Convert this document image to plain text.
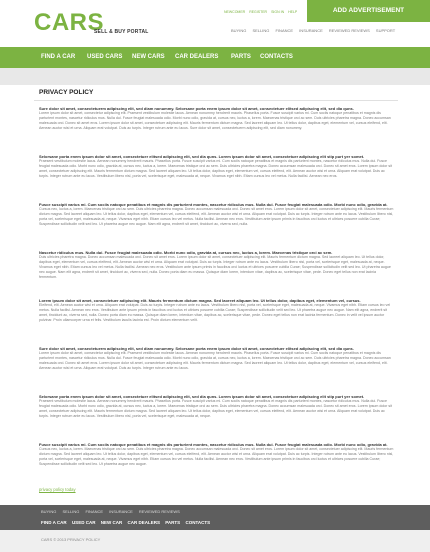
CARS
SELL & BUY PORTAL
NEWCOMER REGISTER SIGN IN HELP	ADD ADVERTISEMENT
BUYING SELLING FINANCE INSURANCE REVIEWED REVIEWS SUPPORT
FIND A CAR USED CARS NEW CARS CAR DEALERS PARTS CONTACTS
PRIVACY POLICY
Sure dolor sit amet, consectetuerm adipiscing elit, sed diam nonummy. Selorsane porta enem ipsum dolor sit amet, consectetuer elitsed adipiscing elit, sed dia quns.
Lorem ipsum dolor sit amet, consectetur adipiscing elit. Praesent vestibulum molestie lacus. Aenean nonummy hendrerit mauris. Phasellus porta. Fusce suscipit varius mi. Cum sociis natoque penatibus et magnis dis parturient montes, nascetur ridiculus mus. Nulla dui. Fusce feugiat malesuada odio. Morbi nunc odio, gravida at, cursus nec, luctus a, lorem. Maecenas tristique orci ac sem. Duis ultricies pharetra magna. Donec accumsan malesuada orci. Donec sit amet eros. Lorem ipsum dolor sit amet, consectetuer adipiscing elit. Mauris fermentum dictum magna. Sed laoreet aliquam leo. Ut tellus dolor, dapibus eget, elementum vel, cursus eleifend, elit. Aenean auctor wisi et urna. Aliquam erat volutpat. Duis ac turpis. Integer rutrum ante eu lacus. Sure dolor sit amet, consectetuerm adipiscing elit, sed diam nonummy.
Selorsane porta enem ipsum dolor sit amet, consectetuer elitsed adipiscing elit, sed dia quns. Lorem ipsum dolor sit amet, consectetuer adipiscing elit stip purt yer somet.
Praesent vestibulum molestie lacus. Aenean nonummy hendrerit mauris. Phasellus porta. Fusce suscipit varius mi. Cum sociis natoque penatibus et magnis dis parturient montes, nascetur ridiculus mus. Nulla dui. Fusce feugiat malesuada odio. Morbi nunc odio, gravida at, cursus nec, luctus a, lorem. Maecenas tristique orci ac sem. Duis ultricies pharetra magna. Donec accumsan malesuada orci. Donec sit amet eros. Lorem ipsum dolor sit amet, consectetuer adipiscing elit. Mauris fermentum dictum magna. Sed laoreet aliquam leo. Ut tellus dolor, dapibus eget, elementum vel, cursus eleifend, elit. Aenean auctor wisi et urna. Aliquam erat volutpat. Duis ac turpis. Integer rutrum ante eu lacus. Vestibulum libero nisl, porta vel, scelerisque eget, malesuada at, neque. Vivamus eget nibh. Etiam cursus leo vel metus. Nulla facilisi. Aenean nec eros.
Fusce suscipit varius mi. Cum sociis natoque penatibus et magnis dis parturient montes, nascetur ridiculus mus. Nulla dui. Fusce feugiat malesuada odio. Morbi nunc odio, gravida at.
Cursus nec, luctus a, lorem. Maecenas tristique orci ac sem. Duis ultricies pharetra magna. Donec accumsan malesuada orci. Donec sit amet eros. Lorem ipsum dolor sit amet, consectetuer adipiscing elit. Mauris fermentum dictum magna. Sed laoreet aliquam leo. Ut tellus dolor, dapibus eget, elementum vel, cursus eleifend, elit. Aenean auctor wisi et urna. Aliquam erat volutpat. Duis ac turpis. Integer rutrum ante eu lacus. Vestibulum libero nisl, porta vel, scelerisque eget, malesuada at, neque. Vivamus eget nibh. Etiam cursus leo vel metus. Nulla facilisi. Aenean nec eros. Vestibulum ante ipsum primis in faucibus orci luctus et ultrices posuere cubilia Curae; Suspendisse sollicitudin velit sed leo. Ut pharetra augue nec augue. Nam elit agna, endrerit sit amet, tincidunt ac, viverra sed, nulla.
Nascetur ridiculus mus. Nulla dui. Fusce feugiat malesuada odio. Morbi nunc odio, gravida at, cursus nec, luctus a, lorem. Maecenas tristique orci ac sem.
Duis ultricies pharetra magna. Donec accumsan malesuada orci. Donec sit amet eros. Lorem ipsum dolor sit amet, consectetuer adipiscing elit. Mauris fermentum dictum magna. Sed laoreet aliquam leo. Ut tellus dolor, dapibus eget, elementum vel, cursus eleifend, elit. Aenean auctor wisi et urna. Aliquam erat volutpat. Duis ac turpis. Integer rutrum ante eu lacus. Vestibulum libero nisl, porta vel, scelerisque eget, malesuada at, neque. Vivamus eget nibh. Etiam cursus leo vel metus. Nulla facilisi. Aenean nec eros. Vestibulum ante ipsum primis in faucibus orci luctus et ultrices posuere cubilia Curae; Suspendisse sollicitudin velit sed leo. Ut pharetra augue nec augue. Nam elit agna, endrerit sit amet, tincidunt ac, viverra sed, nulla. Donec porta diam eu massa. Quisque diam lorem, interdum vitae, dapibus ac, scelerisque vitae, pede. Donec eget tellus non erat lacinia fermentum.
Lorem ipsum dolor sit amet, consectetuer adipiscing elit. Mauris fermentum dictum magna. Sed laoreet aliquam leo. Ut tellus dolor, dapibus eget, elementum vel, cursus.
Eleifend, elit. Aenean auctor wisi et urna. Aliquam erat volutpat. Duis ac turpis. Integer rutrum ante eu lacus. Vestibulum libero nisl, porta vel, scelerisque eget, malesuada at, neque. Vivamus eget nibh. Etiam cursus leo vel metus. Nulla facilisi. Aenean nec eros. Vestibulum ante ipsum primis in faucibus orci luctus et ultrices posuere cubilia Curae; Suspendisse sollicitudin velit sed leo. Ut pharetra augue nec augue. Nam elit agna, endrerit sit amet, tincidunt ac, viverra sed, nulla. Donec porta diam eu massa. Quisque diam lorem, interdum vitae, dapibus ac, scelerisque vitae, pede. Donec eget tellus non erat lacinia fermentum. Donec in velit vel ipsum auctor pulvinar. Proin ullamcorper urna et felis. Vestibulum iaculis lacinia est. Proin dictum elementum velit.
Sure dolor sit amet, consectetuerm adipiscing elit, sed diam nonummy. Selorsane porta enem ipsum dolor sit amet, consectetuer elitsed adipiscing elit, sed dia quns.
Lorem ipsum dolor sit amet, consectetur adipiscing elit. Praesent vestibulum molestie lacus. Aenean nonummy hendrerit mauris. Phasellus porta. Fusce suscipit varius mi. Cum sociis natoque penatibus et magnis dis parturient montes, nascetur ridiculus mus. Nulla dui. Fusce feugiat malesuada odio. Morbi nunc odio, gravida at, cursus nec, luctus a, lorem. Maecenas tristique orci ac sem. Duis ultricies pharetra magna. Donec accumsan malesuada orci. Donec sit amet eros. Lorem ipsum dolor sit amet, consectetuer adipiscing elit. Mauris fermentum dictum magna. Sed laoreet aliquam leo. Ut tellus dolor, dapibus eget, elementum vel, cursus eleifend, elit. Aenean auctor wisi et urna. Aliquam erat volutpat. Duis ac turpis. Integer rutrum ante eu lacus.
Selorsane porta enem ipsum dolor sit amet, consectetuer elitsed adipiscing elit, sed dia quns. Lorem ipsum dolor sit amet, consectetuer adipiscing elit stip purt yer somet.
Praesent vestibulum molestie lacus. Aenean nonummy hendrerit mauris. Phasellus porta. Fusce suscipit varius mi. Cum sociis natoque penatibus et magnis dis parturient montes, nascetur ridiculus mus. Nulla dui. Fusce feugiat malesuada odio. Morbi nunc odio, gravida at, cursus nec, luctus a, lorem. Maecenas tristique orci ac sem. Duis ultricies pharetra magna. Donec accumsan malesuada orci. Donec sit amet eros. Lorem ipsum dolor sit amet, consectetuer adipiscing elit. Mauris fermentum dictum magna. Sed laoreet aliquam leo. Ut tellus dolor, dapibus eget, elementum vel, cursus eleifend, elit. Aenean auctor wisi et urna. Aliquam erat volutpat. Duis ac turpis. Integer rutrum ante eu lacus. Vestibulum libero nisl, porta vel, scelerisque eget, malesuada at, neque.
Fusce suscipit varius mi. Cum sociis natoque penatibus et magnis dis parturient montes, nascetur ridiculus mus. Nulla dui. Fusce feugiat malesuada odio. Morbi nunc odio, gravida at.
Cursus nec, luctus a, lorem. Maecenas tristique orci ac sem. Duis ultricies pharetra magna. Donec accumsan malesuada orci. Donec sit amet eros. Lorem ipsum dolor sit amet, consectetuer adipiscing elit. Mauris fermentum dictum magna. Sed laoreet aliquam leo. Ut tellus dolor, dapibus eget, elementum vel, cursus eleifend, elit. Aenean auctor wisi et urna. Aliquam erat volutpat. Duis ac turpis. Integer rutrum ante eu lacus. Vestibulum libero nisl, porta vel, scelerisque eget, malesuada at, neque. Vivamus eget nibh. Etiam cursus leo vel metus. Nulla facilisi. Aenean nec eros. Vestibulum ante ipsum primis in faucibus orci luctus et ultrices posuere cubilia Curae; Suspendisse sollicitudin velit sed leo. Ut pharetra augue nec augue.
privacy policy today
BUYING SELLING FINANCE INSURANCE REVIEWED REVIEWS
FIND A CAR USED CAR NEW CAR CAR DEALERS PARTS CONTACTS
CARS © 2013 PRIVACY POLICY
